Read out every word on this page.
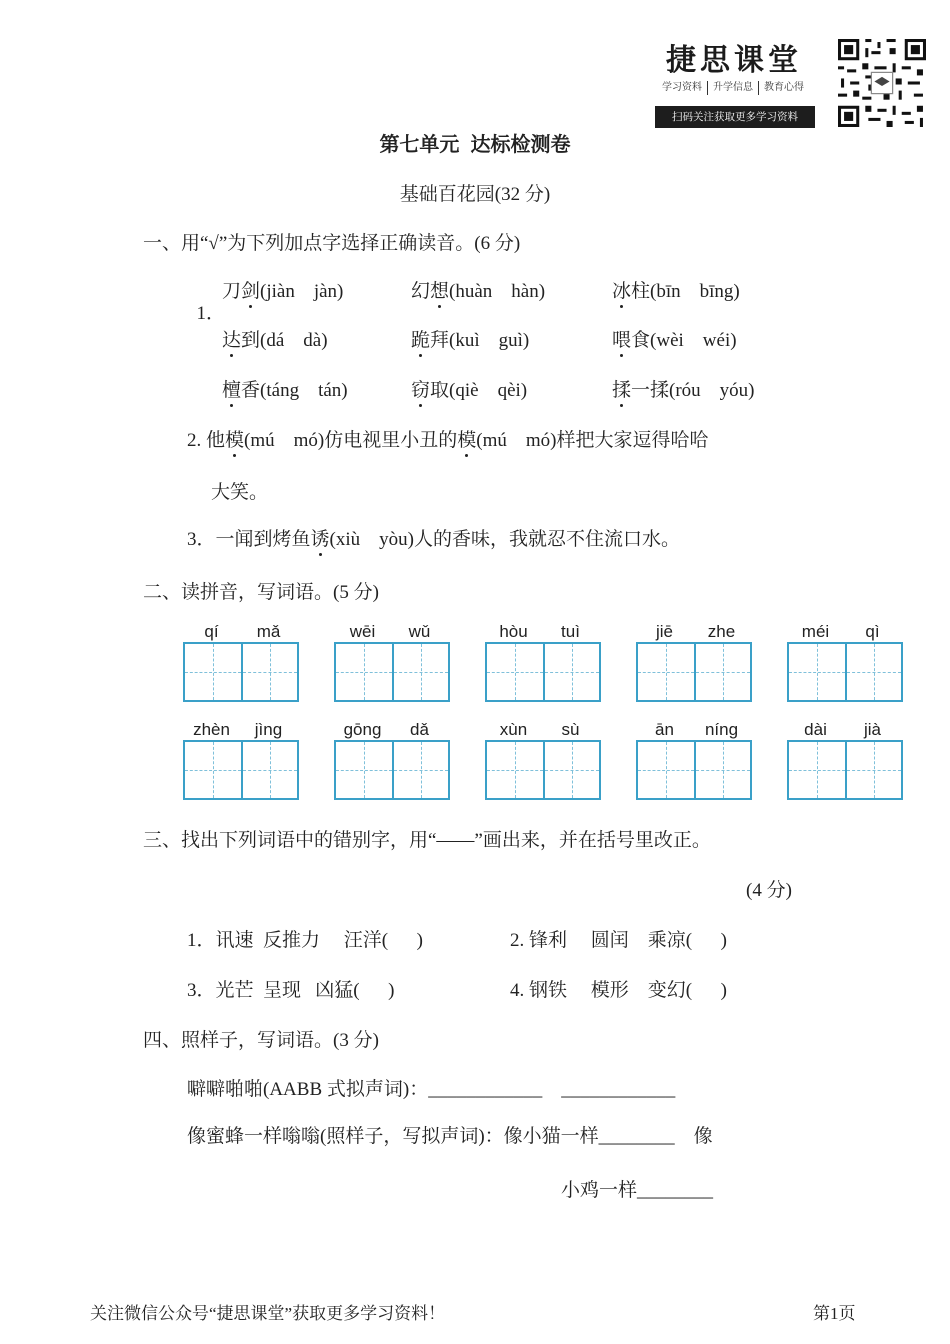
捷思课堂
学习资料 升学信息 教育心得
扫码关注获取更多学习资料
第七单元  达标检测卷
基础百花园(32 分)
一、用“√”为下列加点字选择正确读音。(6 分)

1．

刀剑(jiàn    jàn)	幻想(huàn    hàn)	冰柱(bīn    bīng)
达到(dá    dà)	跪拜(kuì    guì)	喂食(wèi    wéi)
檀香(táng    tán)	窃取(qiè    qèi)	揉一揉(róu    yóu)
2. 他模(mú    mó)仿电视里小丑的模(mú    mó)样把大家逗得哈哈
大笑。
3．一闻到烤鱼诱(xiù    yòu)人的香味，我就忍不住流口水。
二、读拼音，写词语。(5 分)
qí	mǎ	wēi	wǔ	hòu	tuì	jiē	zhe	méi	qì
zhèn	jìng	gōng	dǎ	xùn	sù	ān	níng	dài	jià
三、找出下列词语中的错别字，用“——”画出来，并在括号里改正。
(4 分)
1．讯速  反推力     汪洋(      )	2. 锋利     圆闰    乘凉(      )
3．光芒  呈现   凶猛(      )	4. 钢铁     模形    变幻(      )
四、照样子，写词语。(3 分)
噼噼啪啪(AABB 式拟声词)：____________    ____________
像蜜蜂一样嗡嗡(照样子，写拟声词)：像小猫一样________    像
小鸡一样________
关注微信公众号“捷思课堂”获取更多学习资料！	第1页
